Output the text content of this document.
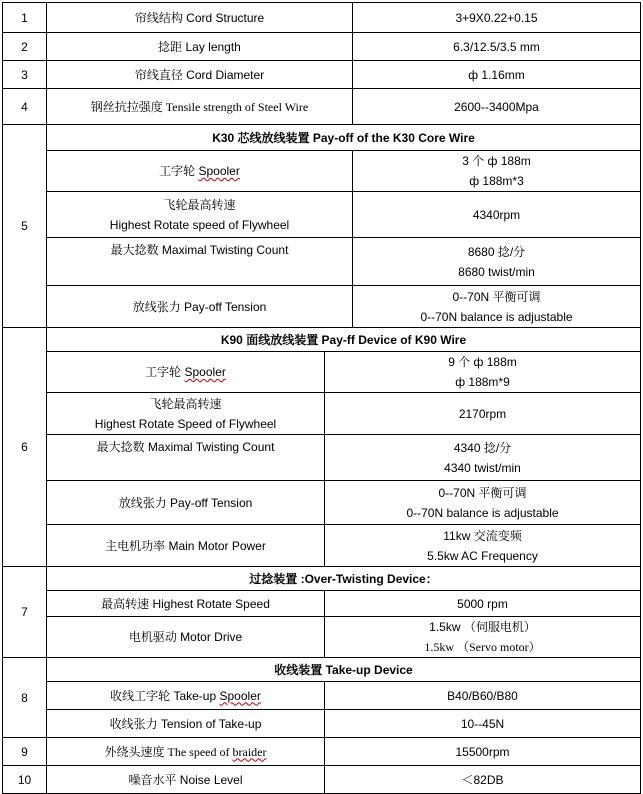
1	帘线结构 Cord Structure		3+9X0.22+0.15
2	捻距 Lay length		6.3/12.5/3.5 mm
3	帘线直径 Cord Diameter		ф 1.16mm
4	钢丝抗拉强度 Tensile strength of Steel Wire		2600--3400Mpa
5	K30 芯线放线装置 Pay-off of the K30 Core Wire		
	工字轮 Spooler		3 个 ф 188m
ф 188m*3

	飞轮最高转速
Highest Rotate speed of Flywheel		4340rpm
	最大捻数 Maximal Twisting Count		8680 捻/分
8680 twist/min

	放线张力 Pay-off Tension		0--70N 平衡可调
0--70N balance is adjustable

6	K90 面线放线装置 Pay-ff Device of K90 Wire		
	工字轮 Spooler	9 个 ф 188m
ф 188m*9	

	飞轮最高转速
Highest Rotate Speed of Flywheel	2170rpm	
	最大捻数 Maximal Twisting Count	4340 捻/分
4340 twist/min	

	放线张力 Pay-off Tension	0--70N 平衡可调
0--70N balance is adjustable	

	主电机功率 Main Motor Power	11kw 交流变频
5.5kw AC Frequency	

7	过捻装置 :Over-Twisting Device：		
	最高转速 Highest Rotate Speed	5000 rpm	
	电机驱动 Motor Drive	1.5kw （伺服电机）
1.5kw （Servo motor）	

8	收线装置 Take-up Device		
	收线工字轮 Take-up Spooler	B40/B60/B80	
	收线张力 Tension of Take-up	10--45N	
9	外绕头速度 The speed of braider	15500rpm	
10	噪音水平 Noise Level	＜82DB	
